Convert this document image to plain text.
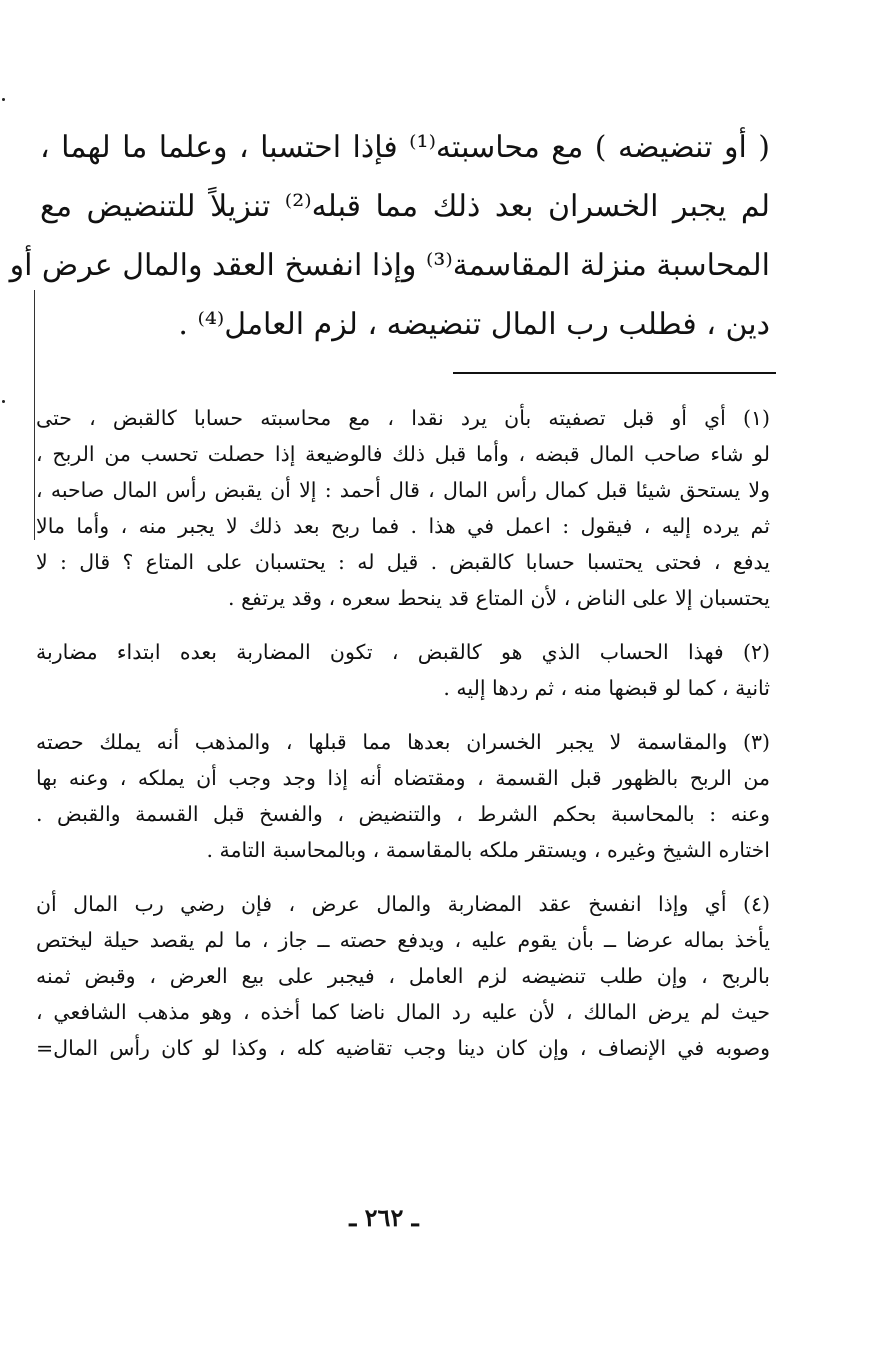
( أو تنضيضه ) مع محاسبته⁽¹⁾ فإذا احتسبا ، وعلما ما لهما ،
لم يجبر الخسران بعد ذلك مما قبله⁽²⁾ تنزيلاً للتنضيض مع
المحاسبة منزلة المقاسمة⁽³⁾ وإذا انفسخ العقد والمال عرض أو
دين ، فطلب رب المال تنضيضه ، لزم العامل⁽⁴⁾ .
(١) أي أو قبل تصفيته بأن يرد نقدا ، مع محاسبته حسابا كالقبض ، حتى
لو شاء صاحب المال قبضه ، وأما قبل ذلك فالوضيعة إذا حصلت تحسب من الربح ،
ولا يستحق شيئا قبل كمال رأس المال ، قال أحمد : إلا أن يقبض رأس المال صاحبه ،
ثم يرده إليه ، فيقول : اعمل في هذا . فما ربح بعد ذلك لا يجبر منه ، وأما مالا
يدفع ، فحتى يحتسبا حسابا كالقبض . قيل له : يحتسبان على المتاع ؟ قال : لا
يحتسبان إلا على الناض ، لأن المتاع قد ينحط سعره ، وقد يرتفع .
(٢) فهذا الحساب الذي هو كالقبض ، تكون المضاربة بعده ابتداء مضاربة
ثانية ، كما لو قبضها منه ، ثم ردها إليه .
(٣) والمقاسمة لا يجبر الخسران بعدها مما قبلها ، والمذهب أنه يملك حصته
من الربح بالظهور قبل القسمة ، ومقتضاه أنه إذا وجد وجب أن يملكه ، وعنه بها
وعنه : بالمحاسبة بحكم الشرط ، والتنضيض ، والفسخ قبل القسمة والقبض .
اختاره الشيخ وغيره ، ويستقر ملكه بالمقاسمة ، وبالمحاسبة التامة .
(٤) أي وإذا انفسخ عقد المضاربة والمال عرض ، فإن رضي رب المال أن
يأخذ بماله عرضا ــ بأن يقوم عليه ، ويدفع حصته ــ جاز ، ما لم يقصد حيلة ليختص
بالربح ، وإن طلب تنضيضه لزم العامل ، فيجبر على بيع العرض ، وقبض ثمنه
حيث لم يرض المالك ، لأن عليه رد المال ناضا كما أخذه ، وهو مذهب الشافعي ،
وصوبه في الإنصاف ، وإن كان دينا وجب تقاضيه كله ، وكذا لو كان رأس المال=
ـ ٢٦٢ ـ
